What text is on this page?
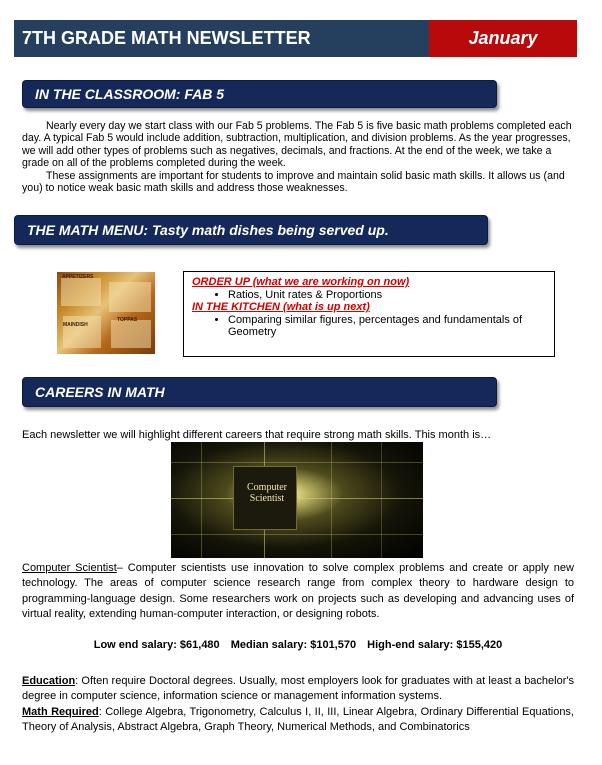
7TH GRADE MATH NEWSLETTER	January
IN THE CLASSROOM: FAB 5

Nearly every day we start class with our Fab 5 problems. The Fab 5 is five basic math problems completed each day. A typical Fab 5 would include addition, subtraction, multiplication, and division problems. As the year progresses, we will add other types of problems such as negatives, decimals, and fractions. At the end of the week, we take a grade on all of the problems completed during the week.

These assignments are important for students to improve and maintain solid basic math skills. It allows us (and you) to notice weak basic math skills and address those weaknesses.

THE MATH MENU: Tasty math dishes being served up.
APPETIZERS
MAINDISH
TOPPAS
ORDER UP (what we are working on now)
• Ratios, Unit rates & Proportions
IN THE KITCHEN (what is up next)
• Comparing similar figures, percentages and fundamentals of Geometry
CAREERS IN MATH
Each newsletter we will highlight different careers that require strong math skills. This month is…
Computer
Scientist
Computer Scientist– Computer scientists use innovation to solve complex problems and create or apply new technology. The areas of computer science research range from complex theory to hardware design to programming-language design. Some researchers work on projects such as developing and advancing uses of virtual reality, extending human-computer interaction, or designing robots.
Low end salary: $61,480 Median salary: $101,570 High-end salary: $155,420
Education: Often require Doctoral degrees. Usually, most employers look for graduates with at least a bachelor's degree in computer science, information science or management information systems.
Math Required: College Algebra, Trigonometry, Calculus I, II, III, Linear Algebra, Ordinary Differential Equations, Theory of Analysis, Abstract Algebra, Graph Theory, Numerical Methods, and Combinatorics
